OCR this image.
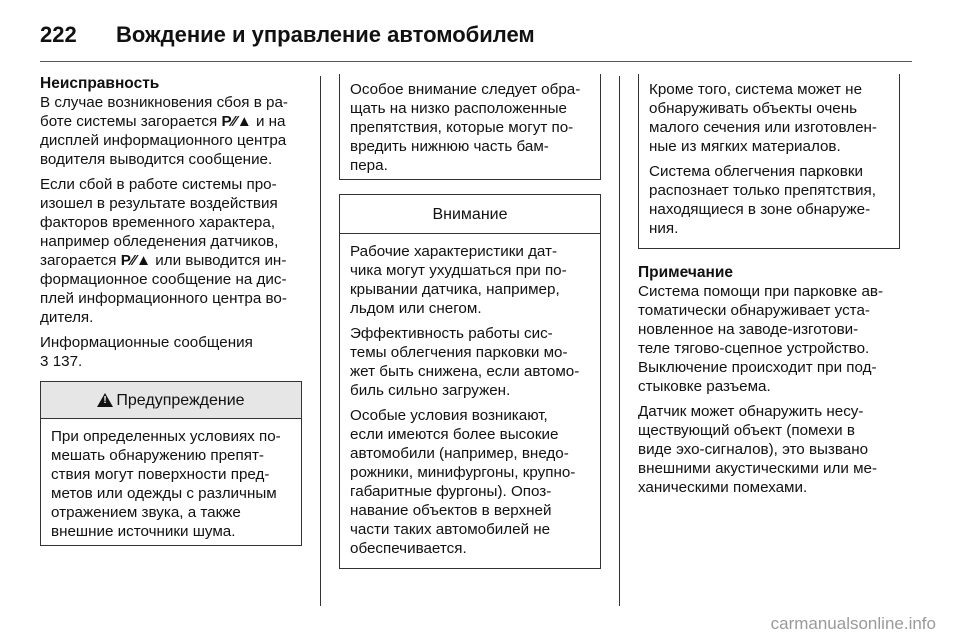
222	Вождение и управление автомобилем
Неисправность

В случае возникновения сбоя в ра-
боте системы загорается P⁄⁄▲ и на
дисплей информационного центра
водителя выводится сообщение.

Если сбой в работе системы про-
изошел в результате воздействия
факторов временного характера,
например обледенения датчиков,
загорается P⁄⁄▲ или выводится ин-
формационное сообщение на дис-
плей информационного центра во-
дителя.

Информационные сообщения
3 137.

!
Предупреждение
При определенных условиях по-
мешать обнаружению препят-
ствия могут поверхности пред-
метов или одежды с различным
отражением звука, а также
внешние источники шума.
Особое внимание следует обра-
щать на низко расположенные
препятствия, которые могут по-
вредить нижнюю часть бам-
пера.
Внимание

Рабочие характеристики дат-
чика могут ухудшаться при по-
крывании датчика, например,
льдом или снегом.

Эффективность работы сис-
темы облегчения парковки мо-
жет быть снижена, если автомо-
биль сильно загружен.

Особые условия возникают,
если имеются более высокие
автомобили (например, внедо-
рожники, минифургоны, крупно-
габаритные фургоны). Опоз-
навание объектов в верхней
части таких автомобилей не
обеспечивается.

Кроме того, система может не
обнаруживать объекты очень
малого сечения или изготовлен-
ные из мягких материалов.

Система облегчения парковки
распознает только препятствия,
находящиеся в зоне обнаруже-
ния.

Примечание

Система помощи при парковке ав-
томатически обнаруживает уста-
новленное на заводе-изготови-
теле тягово-сцепное устройство.
Выключение происходит при под-
стыковке разъема.

Датчик может обнаружить несу-
ществующий объект (помехи в
виде эхо-сигналов), это вызвано
внешними акустическими или ме-
ханическими помехами.

carmanualsonline.info
